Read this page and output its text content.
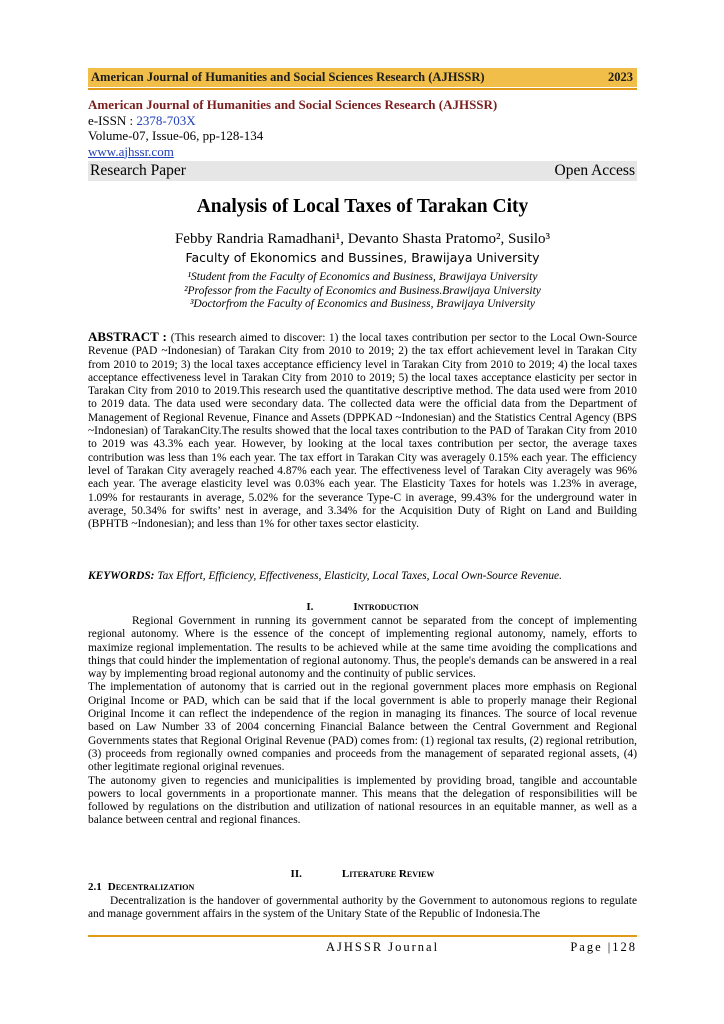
American Journal of Humanities and Social Sciences Research (AJHSSR)	2023
American Journal of Humanities and Social Sciences Research (AJHSSR)
e-ISSN : 2378-703X
Volume-07, Issue-06, pp-128-134
www.ajhssr.com
Research Paper	Open Access
Analysis of Local Taxes of Tarakan City
Febby Randria Ramadhani¹, Devanto Shasta Pratomo², Susilo³
Faculty of Ekonomics and Bussines, Brawijaya University
¹Student from the Faculty of Economics and Business, Brawijaya University
²Professor from the Faculty of Economics and Business.Brawijaya University
³Doctorfrom the Faculty of Economics and Business, Brawijaya University
ABSTRACT : (This research aimed to discover: 1) the local taxes contribution per sector to the Local Own-Source Revenue (PAD ~Indonesian) of Tarakan City from 2010 to 2019; 2) the tax effort achievement level in Tarakan City from 2010 to 2019; 3) the local taxes acceptance efficiency level in Tarakan City from 2010 to 2019; 4) the local taxes acceptance effectiveness level in Tarakan City from 2010 to 2019; 5) the local taxes acceptance elasticity per sector in Tarakan City from 2010 to 2019.This research used the quantitative descriptive method. The data used were from 2010 to 2019 data. The data used were secondary data. The collected data were the official data from the Department of Management of Regional Revenue, Finance and Assets (DPPKAD ~Indonesian) and the Statistics Central Agency (BPS ~Indonesian) of TarakanCity.The results showed that the local taxes contribution to the PAD of Tarakan City from 2010 to 2019 was 43.3% each year. However, by looking at the local taxes contribution per sector, the average taxes contribution was less than 1% each year. The tax effort in Tarakan City was averagely 0.15% each year. The efficiency level of Tarakan City averagely reached 4.87% each year. The effectiveness level of Tarakan City averagely was 96% each year. The average elasticity level was 0.03% each year. The Elasticity Taxes for hotels was 1.23% in average, 1.09% for restaurants in average, 5.02% for the severance Type-C in average, 99.43% for the underground water in average, 50.34% for swifts’ nest in average, and 3.34% for the Acquisition Duty of Right on Land and Building (BPHTB ~Indonesian); and less than 1% for other taxes sector elasticity.
KEYWORDS: Tax Effort, Efficiency, Effectiveness, Elasticity, Local Taxes, Local Own-Source Revenue.
I.	Introduction

Regional Government in running its government cannot be separated from the concept of implementing regional autonomy. Where is the essence of the concept of implementing regional autonomy, namely, efforts to maximize regional implementation. The results to be achieved while at the same time avoiding the complications and things that could hinder the implementation of regional autonomy. Thus, the people's demands can be answered in a real way by implementing broad regional autonomy and the continuity of public services.

The implementation of autonomy that is carried out in the regional government places more emphasis on Regional Original Income or PAD, which can be said that if the local government is able to properly manage their Regional Original Income it can reflect the independence of the region in managing its finances. The source of local revenue based on Law Number 33 of 2004 concerning Financial Balance between the Central Government and Regional Governments states that Regional Original Revenue (PAD) comes from: (1) regional tax results, (2) regional retribution, (3) proceeds from regionally owned companies and proceeds from the management of separated regional assets, (4) other legitimate regional original revenues.

The autonomy given to regencies and municipalities is implemented by providing broad, tangible and accountable powers to local governments in a proportionate manner. This means that the delegation of responsibilities will be followed by regulations on the distribution and utilization of national resources in an equitable manner, as well as a balance between central and regional finances.

II.	Literature Review
2.1 Decentralization

Decentralization is the handover of governmental authority by the Government to autonomous regions to regulate and manage government affairs in the system of the Unitary State of the Republic of Indonesia.The

AJHSSR Journal	Page |128
